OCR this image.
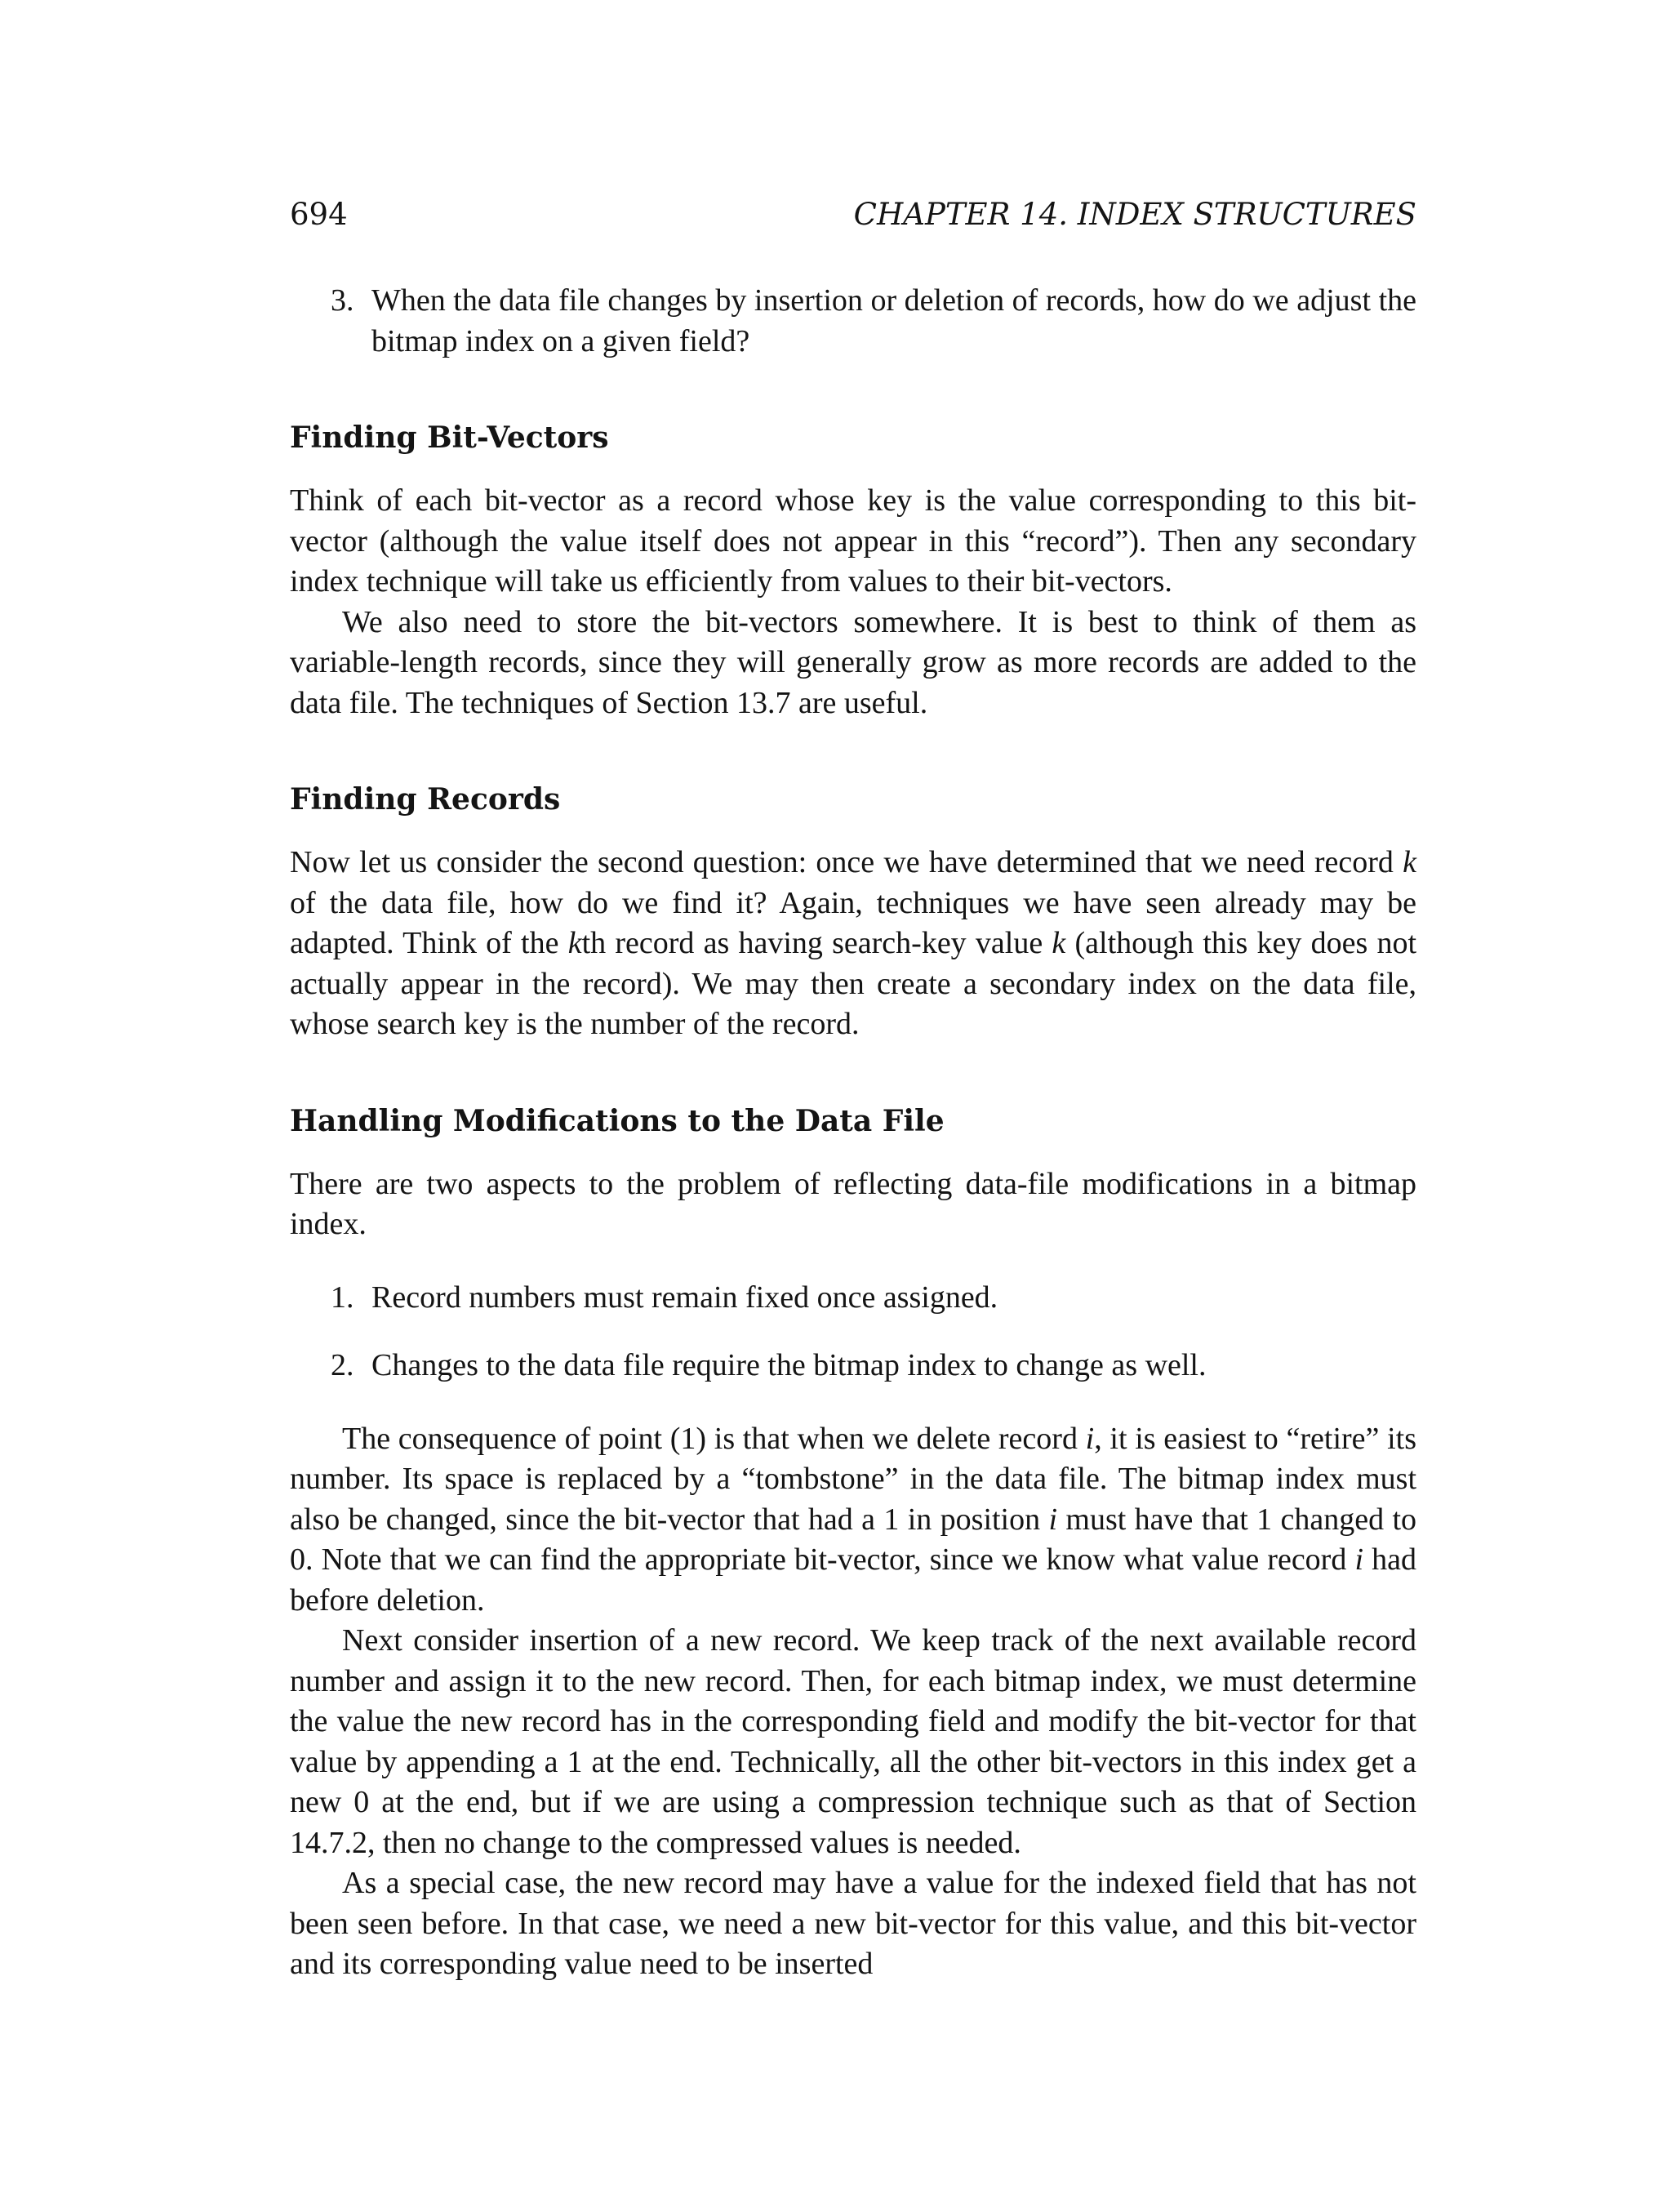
694	CHAPTER 14. INDEX STRUCTURES
3. When the data file changes by insertion or deletion of records, how do we adjust the bitmap index on a given field?
Finding Bit-Vectors

Think of each bit-vector as a record whose key is the value corresponding to this bit-vector (although the value itself does not appear in this “record”). Then any secondary index technique will take us efficiently from values to their bit-vectors.

We also need to store the bit-vectors somewhere. It is best to think of them as variable-length records, since they will generally grow as more records are added to the data file. The techniques of Section 13.7 are useful.

Finding Records

Now let us consider the second question: once we have determined that we need record k of the data file, how do we find it? Again, techniques we have seen already may be adapted. Think of the kth record as having search-key value k (although this key does not actually appear in the record). We may then create a secondary index on the data file, whose search key is the number of the record.

Handling Modifications to the Data File

There are two aspects to the problem of reflecting data-file modifications in a bitmap index.

1. Record numbers must remain fixed once assigned.
2. Changes to the data file require the bitmap index to change as well.

The consequence of point (1) is that when we delete record i, it is easiest to “retire” its number. Its space is replaced by a “tombstone” in the data file. The bitmap index must also be changed, since the bit-vector that had a 1 in position i must have that 1 changed to 0. Note that we can find the appropriate bit-vector, since we know what value record i had before deletion.

Next consider insertion of a new record. We keep track of the next available record number and assign it to the new record. Then, for each bitmap index, we must determine the value the new record has in the corresponding field and modify the bit-vector for that value by appending a 1 at the end. Technically, all the other bit-vectors in this index get a new 0 at the end, but if we are using a compression technique such as that of Section 14.7.2, then no change to the compressed values is needed.

As a special case, the new record may have a value for the indexed field that has not been seen before. In that case, we need a new bit-vector for this value, and this bit-vector and its corresponding value need to be inserted
